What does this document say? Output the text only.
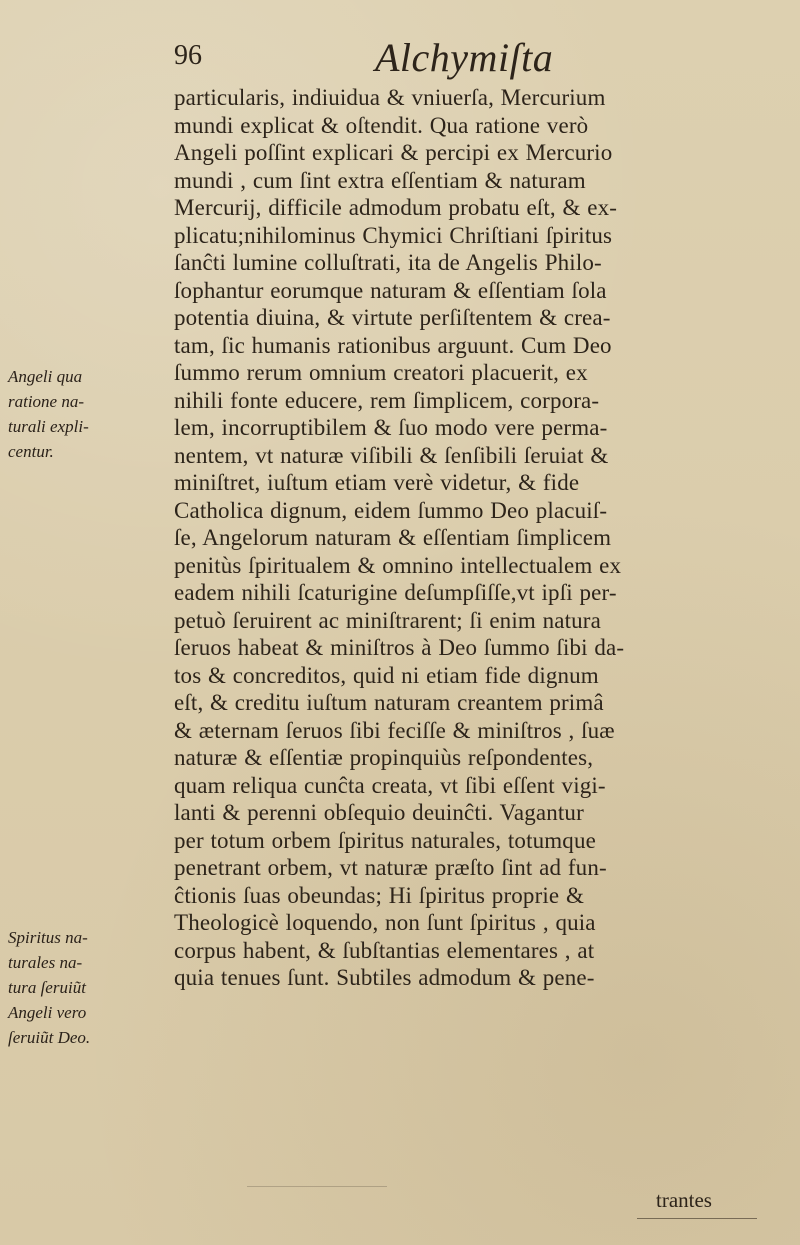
96	Alchymiſta
Angeli qua
ratione na-
turali expli-
centur.
Spiritus na-
turales na-
tura ſeruiũt
Angeli vero
ſeruiũt Deo.
particularis, indiuidua & vniuerſa, Mercurium
mundi explicat & oſtendit. Qua ratione verò
Angeli poſſint explicari & percipi ex Mercurio
mundi , cum ſint extra eſſentiam & naturam
Mercurij, difficile admodum probatu eſt, & ex-
plicatu;nihilominus Chymici Chriſtiani ſpiritus
ſanĉti lumine colluſtrati, ita de Angelis Philo-
ſophantur eorumque naturam & eſſentiam ſola
potentia diuina, & virtute perſiſtentem & crea-
tam, ſic humanis rationibus arguunt. Cum Deo
ſummo rerum omnium creatori placuerit, ex
nihili fonte educere, rem ſimplicem, corpora-
lem, incorruptibilem & ſuo modo vere perma-
nentem, vt naturæ viſibili & ſenſibili ſeruiat &
miniſtret, iuſtum etiam verè videtur, & fide
Catholica dignum, eidem ſummo Deo placuiſ-
ſe, Angelorum naturam & eſſentiam ſimplicem
penitùs ſpiritualem & omnino intellectualem ex
eadem nihili ſcaturigine deſumpſiſſe,vt ipſi per-
petuò ſeruirent ac miniſtrarent; ſi enim natura
ſeruos habeat & miniſtros à Deo ſummo ſibi da-
tos & concreditos, quid ni etiam fide dignum
eſt, & creditu iuſtum naturam creantem primâ
& æternam ſeruos ſibi feciſſe & miniſtros , ſuæ
naturæ & eſſentiæ propinquiùs reſpondentes,
quam reliqua cunĉta creata, vt ſibi eſſent vigi-
lanti & perenni obſequio deuinĉti. Vagantur
per totum orbem ſpiritus naturales, totumque
penetrant orbem, vt naturæ præſto ſint ad fun-
ĉtionis ſuas obeundas; Hi ſpiritus proprie &
Theologicè loquendo, non ſunt ſpiritus , quia
corpus habent, & ſubſtantias elementares , at
quia tenues ſunt. Subtiles admodum & pene-
trantes
